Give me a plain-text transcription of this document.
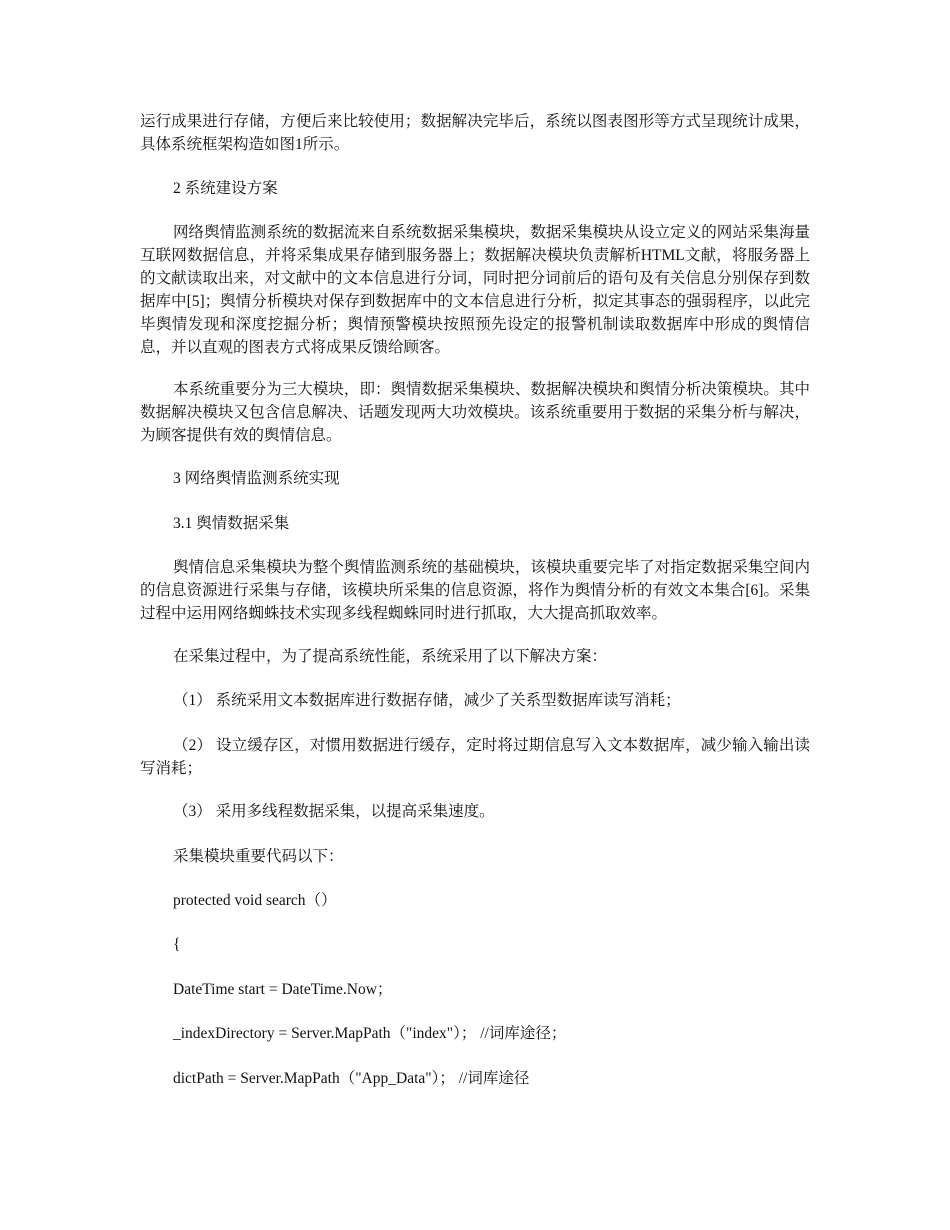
运行成果进行存储，方便后来比较使用；数据解决完毕后，系统以图表图形等方式呈现统计成果，具体系统框架构造如图1所示。

2 系统建设方案

网络舆情监测系统的数据流来自系统数据采集模块，数据采集模块从设立定义的网站采集海量互联网数据信息，并将采集成果存储到服务器上；数据解决模块负责解析HTML文献，将服务器上的文献读取出来，对文献中的文本信息进行分词，同时把分词前后的语句及有关信息分别保存到数据库中[5]；舆情分析模块对保存到数据库中的文本信息进行分析，拟定其事态的强弱程序，以此完毕舆情发现和深度挖掘分析；舆情预警模块按照预先设定的报警机制读取数据库中形成的舆情信息，并以直观的图表方式将成果反馈给顾客。

本系统重要分为三大模块，即：舆情数据采集模块、数据解决模块和舆情分析决策模块。其中数据解决模块又包含信息解决、话题发现两大功效模块。该系统重要用于数据的采集分析与解决，为顾客提供有效的舆情信息。

3 网络舆情监测系统实现

3.1 舆情数据采集

舆情信息采集模块为整个舆情监测系统的基础模块，该模块重要完毕了对指定数据采集空间内的信息资源进行采集与存储，该模块所采集的信息资源，将作为舆情分析的有效文本集合[6]。采集过程中运用网络蜘蛛技术实现多线程蜘蛛同时进行抓取，大大提高抓取效率。

在采集过程中，为了提高系统性能，系统采用了以下解决方案：

（1） 系统采用文本数据库进行数据存储，减少了关系型数据库读写消耗；

（2） 设立缓存区，对惯用数据进行缓存，定时将过期信息写入文本数据库，减少输入输出读写消耗；

（3） 采用多线程数据采集，以提高采集速度。

采集模块重要代码以下：

protected void search（）

{

DateTime start = DateTime.Now；

_indexDirectory = Server.MapPath（"index"）； //词库途径；

dictPath = Server.MapPath（"App_Data"）； //词库途径
